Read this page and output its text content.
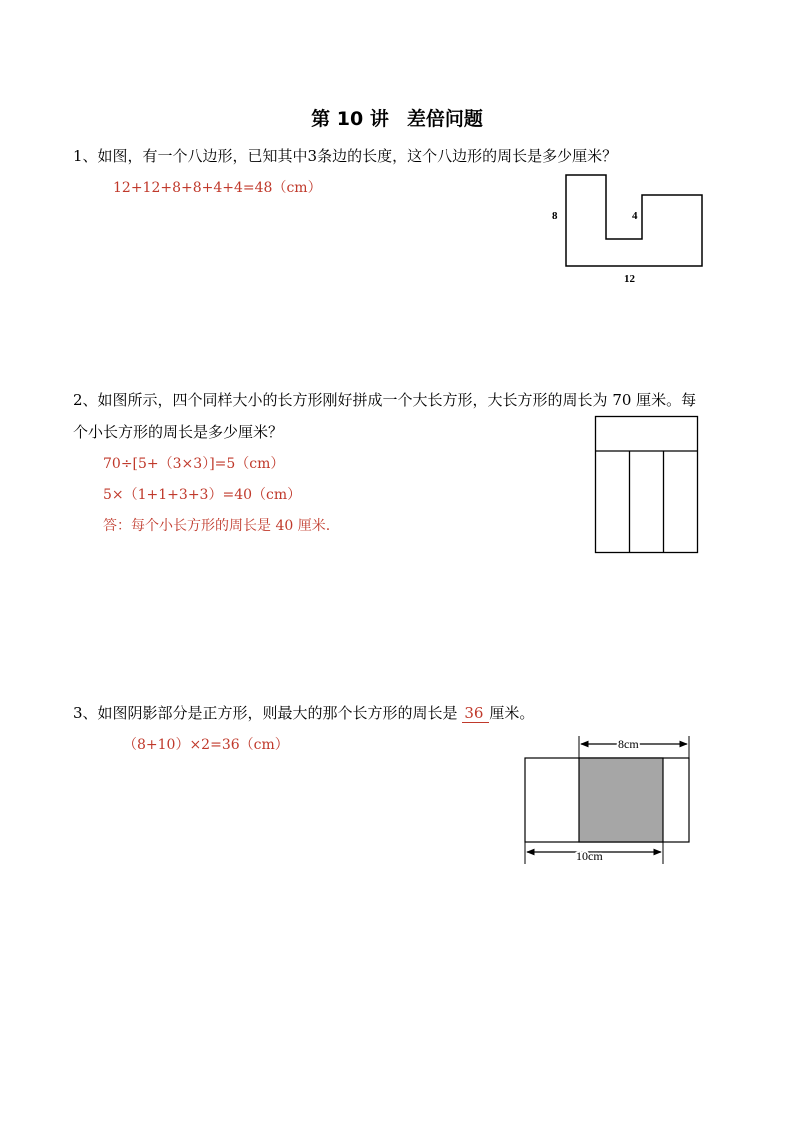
第 10 讲 差倍问题
1、如图，有一个八边形，已知其中3条边的长度，这个八边形的周长是多少厘米？
12+12+8+8+4+4=48（cm）
8	4
12
2、如图所示，四个同样大小的长方形刚好拼成一个大长方形，大长方形的周长为 70 厘米。每
个小长方形的周长是多少厘米？
70÷[5+（3×3）]=5（cm）
5×（1+1+3+3）=40（cm）
答：每个小长方形的周长是 40 厘米.
3、如图阴影部分是正方形，则最大的那个长方形的周长是 36 厘米。
（8+10）×2=36（cm）	8cm
10cm
